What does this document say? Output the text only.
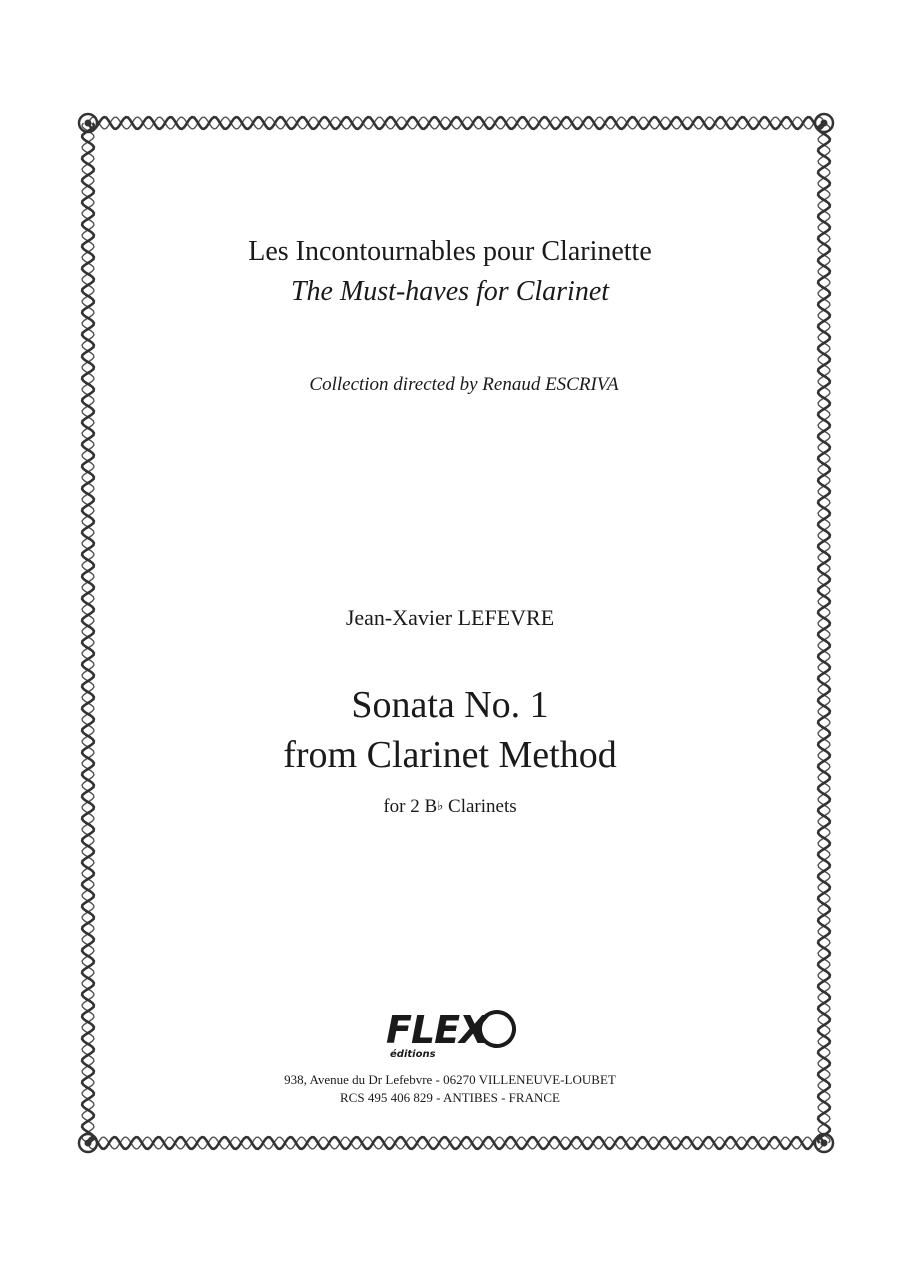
Les Incontournables pour Clarinette
The Must-haves for Clarinet
Collection directed by Renaud ESCRIVA
Jean-Xavier LEFEVRE
Sonata No. 1
from Clarinet Method
for 2 B♭ Clarinets
FLEX
éditions
938, Avenue du Dr Lefebvre - 06270 VILLENEUVE-LOUBET
RCS 495 406 829 - ANTIBES - FRANCE
